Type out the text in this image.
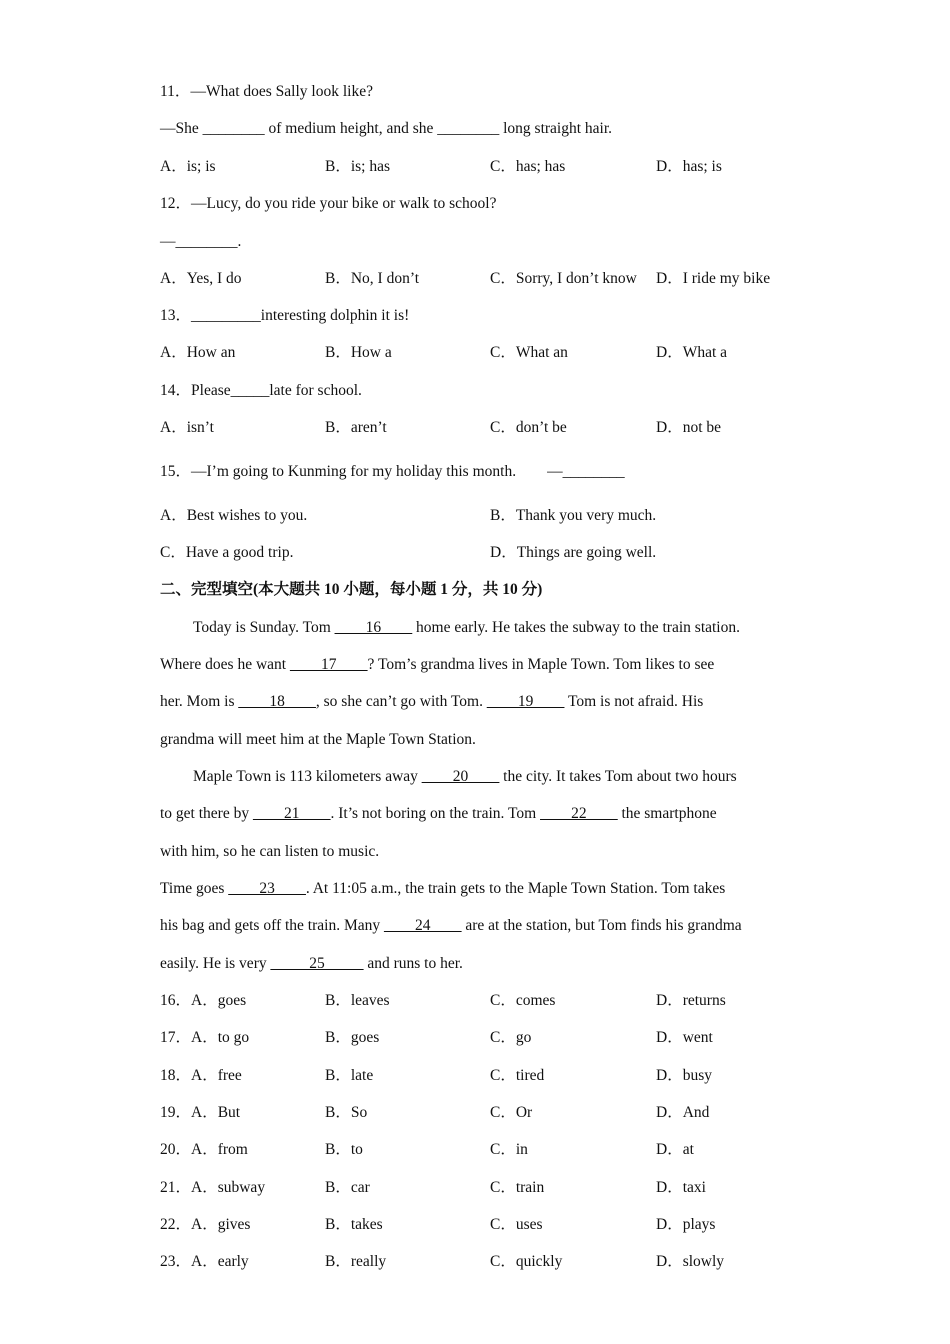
11．—What does Sally look like?
—She ________ of medium height, and she ________ long straight hair.
A．is; is	B．is; has	C．has; has	D．has; is
12．—Lucy, do you ride your bike or walk to school?
—________.
A．Yes, I do	B．No, I don’t	C．Sorry, I don’t know D．I ride my bike
13．_________interesting dolphin it is!
A．How an	B．How a	C．What an	D．What a
14．Please_____late for school.
A．isn’t	B．aren’t	C．don’t be	D．not be
15．—I’m going to Kunming for my holiday this month.        —________
A．Best wishes to you.	B．Thank you very much.
C．Have a good trip.	D．Things are going well.
二、完型填空(本大题共 10 小题，每小题 1 分，共 10 分)
Today is Sunday. Tom ____16____ home early. He takes the subway to the train station.
Where does he want ____17____? Tom’s grandma lives in Maple Town. Tom likes to see
her. Mom is ____18____, so she can’t go with Tom. ____19____ Tom is not afraid. His
grandma will meet him at the Maple Town Station.
Maple Town is 113 kilometers away ____20____ the city. It takes Tom about two hours
to get there by ____21____. It’s not boring on the train. Tom ____22____ the smartphone
with him, so he can listen to music.
Time goes ____23____. At 11:05 a.m., the train gets to the Maple Town Station. Tom takes
his bag and gets off the train. Many ____24____ are at the station, but Tom finds his grandma
easily. He is very _____25_____ and runs to her.
16．A．goes	B．leaves	C．comes	D．returns
17．A．to go	B．goes	C．go	D．went
18．A．free	B．late	C．tired	D．busy
19．A．But	B．So	C．Or	D．And
20．A．from	B．to	C．in	D．at
21．A．subway	B．car	C．train	D．taxi
22．A．gives	B．takes	C．uses	D．plays
23．A．early	B．really	C．quickly	D．slowly
